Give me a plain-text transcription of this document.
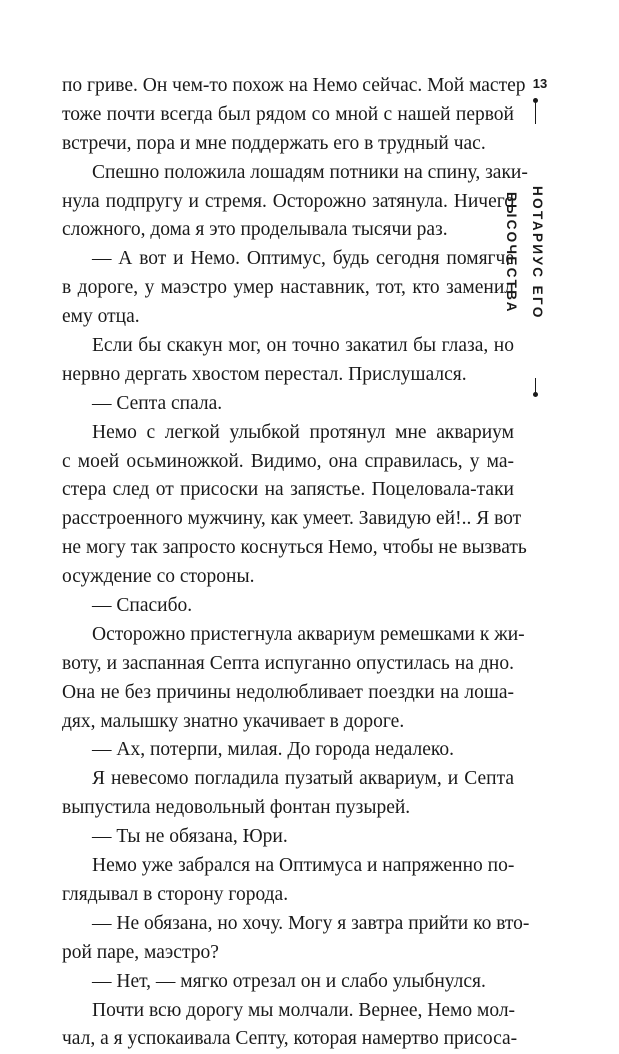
13
НОТАРИУС ЕГО ВЫСОЧЕСТВА
по гриве. Он чем-то похож на Немо сейчас. Мой мастер
тоже почти всегда был рядом со мной с нашей первой
встречи, пора и мне поддержать его в трудный час.
Спешно положила лошадям потники на спину, заки-
нула подпругу и стремя. Осторожно затянула. Ничего
сложного, дома я это проделывала тысячи раз.
— А вот и Немо. Оптимус, будь сегодня помягче
в дороге, у маэстро умер наставник, тот, кто заменил
ему отца.
Если бы скакун мог, он точно закатил бы глаза, но
нервно дергать хвостом перестал. Прислушался.
— Септа спала.
Немо с легкой улыбкой протянул мне аквариум
с моей осьминожкой. Видимо, она справилась, у ма-
стера след от присоски на запястье. Поцеловала-таки
расстроенного мужчину, как умеет. Завидую ей!.. Я вот
не могу так запросто коснуться Немо, чтобы не вызвать
осуждение со стороны.
— Спасибо.
Осторожно пристегнула аквариум ремешками к жи-
воту, и заспанная Септа испуганно опустилась на дно.
Она не без причины недолюбливает поездки на лоша-
дях, малышку знатно укачивает в дороге.
— Ах, потерпи, милая. До города недалеко.
Я невесомо погладила пузатый аквариум, и Септа
выпустила недовольный фонтан пузырей.
— Ты не обязана, Юри.
Немо уже забрался на Оптимуса и напряженно по-
глядывал в сторону города.
— Не обязана, но хочу. Могу я завтра прийти ко вто-
рой паре, маэстро?
— Нет, — мягко отрезал он и слабо улыбнулся.
Почти всю дорогу мы молчали. Вернее, Немо мол-
чал, а я успокаивала Септу, которая намертво присоса-
